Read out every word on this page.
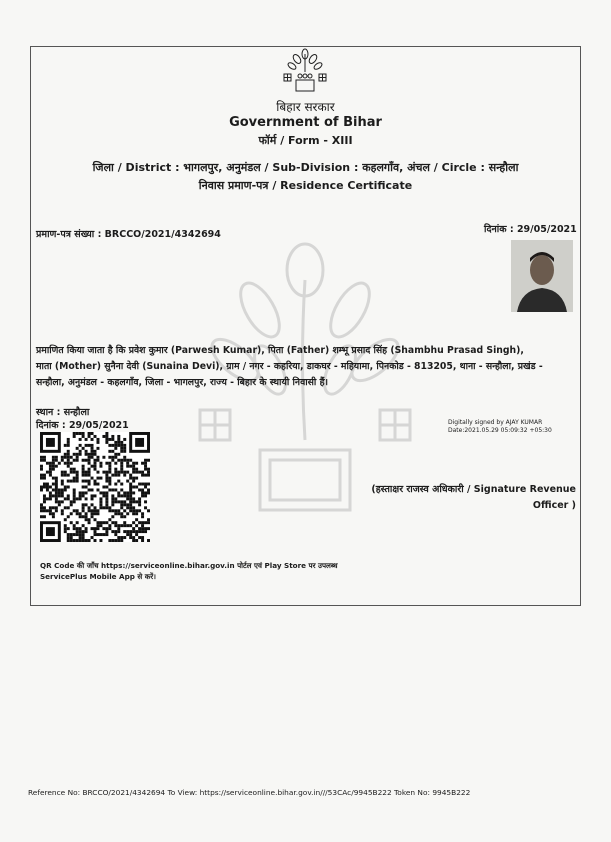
बिहार सरकार
Government of Bihar
फॉर्म / Form - XIII
जिला / District : भागलपुर, अनुमंडल / Sub-Division : कहलगाँव, अंचल / Circle : सन्हौला
निवास प्रमाण-पत्र / Residence Certificate
प्रमाण-पत्र संख्या : BRCCO/2021/4342694	दिनांक : 29/05/2021

प्रमाणित किया जाता है कि प्रवेश कुमार (Parwesh Kumar), पिता (Father) शम्भू प्रसाद सिंह (Shambhu Prasad Singh),

माता (Mother) सुनैना देवी (Sunaina Devi), ग्राम / नगर - कहरिया, डाकघर - महियामा, पिनकोड - 813205, थाना - सन्हौला, प्रखंड -

सन्हौला, अनुमंडल - कहलगाँव, जिला - भागलपुर, राज्य - बिहार के स्थायी निवासी हैं।

स्थान : सन्हौला
दिनांक : 29/05/2021	Digitally signed by AJAY KUMAR
Date:2021.05.29 05:09:32 +05:30
(हस्ताक्षर राजस्व अधिकारी / Signature Revenue
Officer )
QR Code की जाँच https://serviceonline.bihar.gov.in पोर्टल एवं Play Store पर उपलब्ध
ServicePlus Mobile App से करें।
Reference No: BRCCO/2021/4342694 To View: https://serviceonline.bihar.gov.in///53CAc/9945B222 Token No: 9945B222
